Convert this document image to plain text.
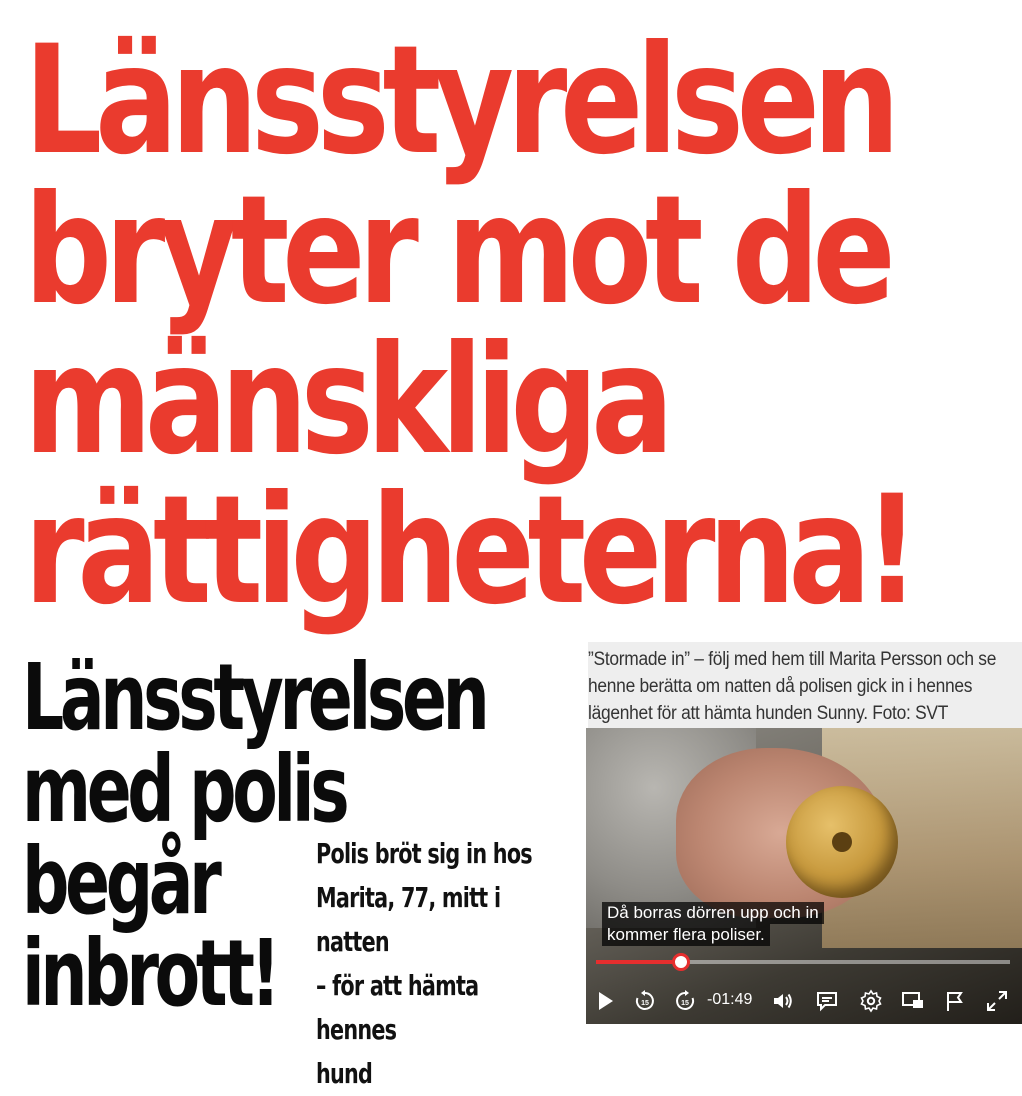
Länsstyrelsen
bryter mot de
mänskliga
rättigheterna!
Länsstyrelsen
med polis
begår
inbrott!

Polis bröt sig in hos
Marita, 77, mitt i natten
– för att hämta hennes
hund

”Stormade in” – följ med hem till Marita Persson och se henne berätta om natten då polisen gick in i hennes lägenhet för att hämta hunden Sunny. Foto: SVT
Då borras dörren upp och in
kommer flera poliser.
15	15 -01:49
